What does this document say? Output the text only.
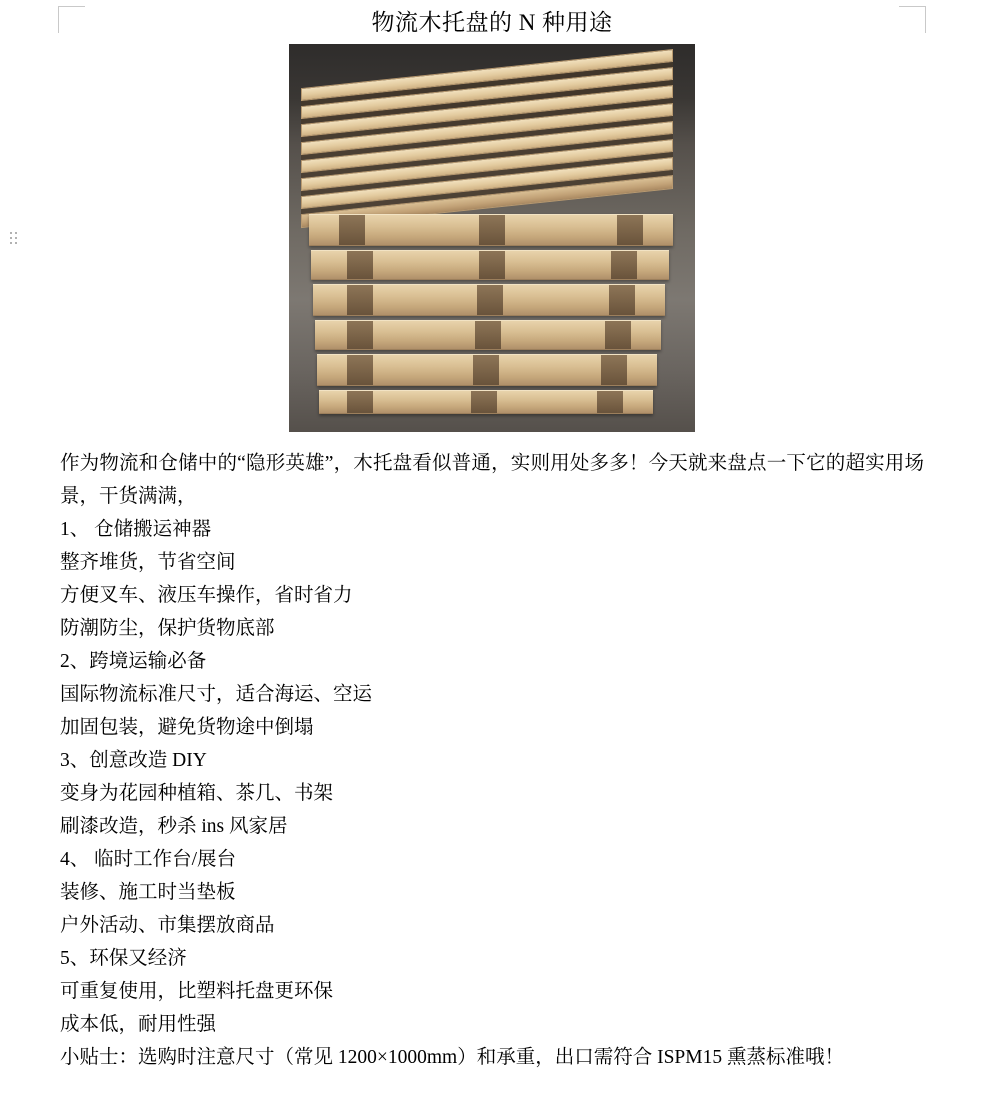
物流木托盘的 N 种用途

作为物流和仓储中的“隐形英雄”，木托盘看似普通，实则用处多多！今天就来盘点一下它的超实用场景，干货满满，

1、 仓储搬运神器

整齐堆货，节省空间

方便叉车、液压车操作，省时省力

防潮防尘，保护货物底部

2、跨境运输必备

国际物流标准尺寸，适合海运、空运

加固包装，避免货物途中倒塌

3、创意改造 DIY

变身为花园种植箱、茶几、书架

刷漆改造，秒杀 ins 风家居

4、 临时工作台/展台

装修、施工时当垫板

户外活动、市集摆放商品

5、环保又经济

可重复使用，比塑料托盘更环保

成本低，耐用性强

小贴士：选购时注意尺寸（常见 1200×1000mm）和承重，出口需符合 ISPM15 熏蒸标准哦！
